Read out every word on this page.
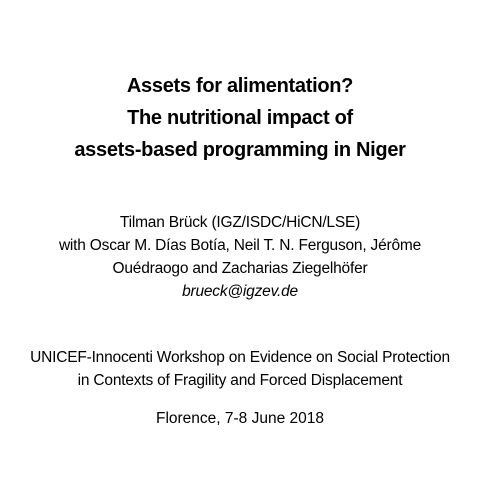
Assets for alimentation?
The nutritional impact of
assets-based programming in Niger
Tilman Brück (IGZ/ISDC/HiCN/LSE)
with Oscar M. Días Botía, Neil T. N. Ferguson, Jérôme
Ouédraogo and Zacharias Ziegelhöfer
brueck@igzev.de
UNICEF-Innocenti Workshop on Evidence on Social Protection
in Contexts of Fragility and Forced Displacement
Florence, 7-8 June 2018
